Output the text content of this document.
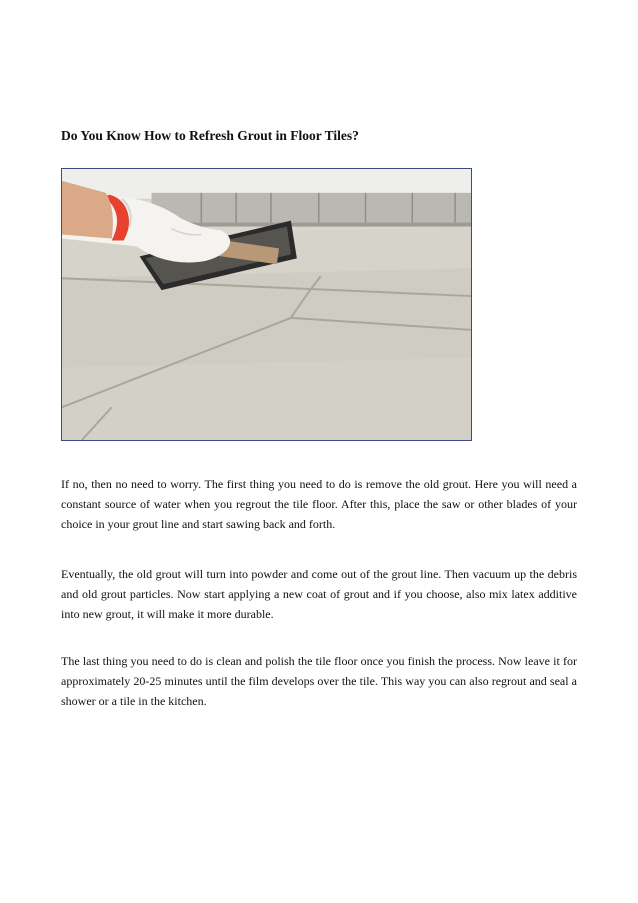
Do You Know How to Refresh Grout in Floor Tiles?

If no, then no need to worry. The first thing you need to do is remove the old grout. Here you will need a constant source of water when you regrout the tile floor. After this, place the saw or other blades of your choice in your grout line and start sawing back and forth.

Eventually, the old grout will turn into powder and come out of the grout line. Then vacuum up the debris and old grout particles. Now start applying a new coat of grout and if you choose, also mix latex additive into new grout, it will make it more durable.

The last thing you need to do is clean and polish the tile floor once you finish the process. Now leave it for approximately 20-25 minutes until the film develops over the tile. This way you can also regrout and seal a shower or a tile in the kitchen.
